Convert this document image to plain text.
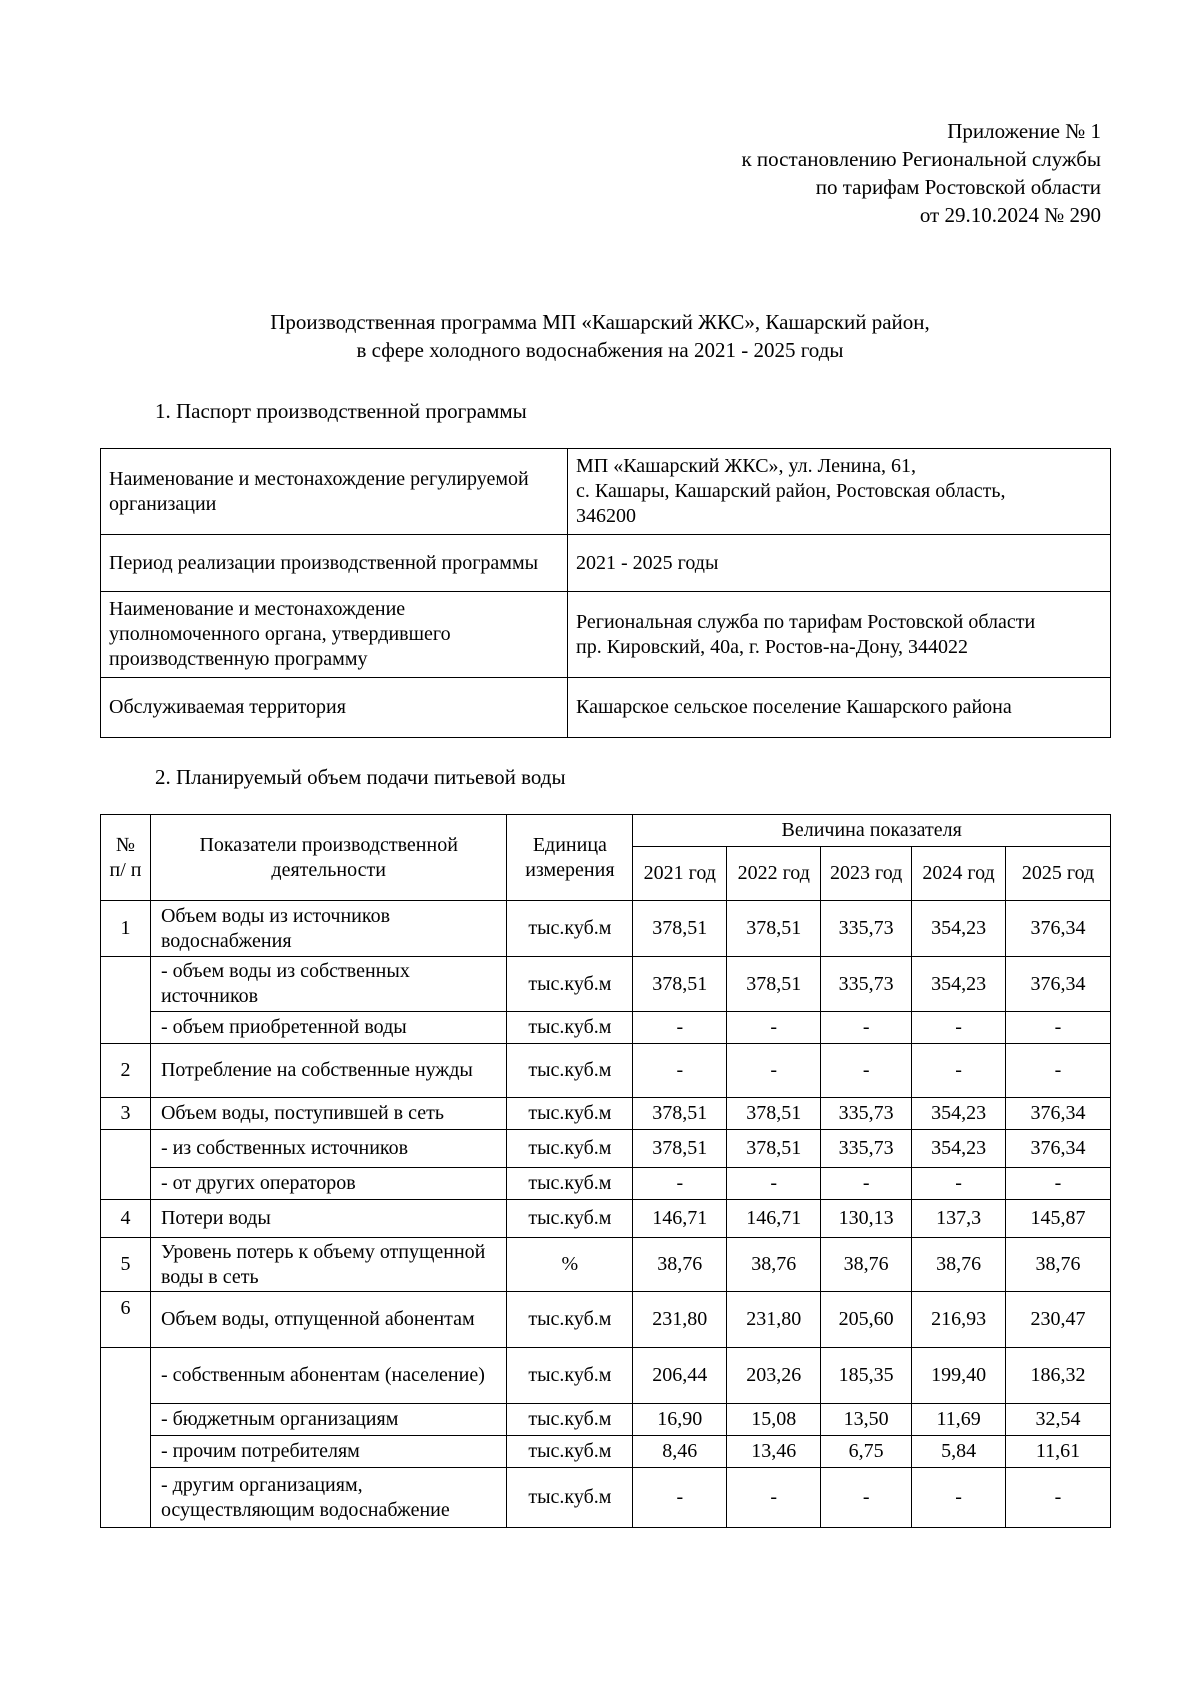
Приложение № 1
к постановлению Региональной службы
по тарифам Ростовской области
от 29.10.2024 № 290
Производственная программа МП «Кашарский ЖКС», Кашарский район,
в сфере холодного водоснабжения на 2021 - 2025 годы
1. Паспорт производственной программы
Наименование и местонахождение регулируемой организации	МП «Кашарский ЖКС», ул. Ленина, 61,
с. Кашары, Кашарский район, Ростовская область,
346200

Период реализации производственной программы	2021 - 2025 годы

Наименование и местонахождение уполномоченного органа, утвердившего производственную программу	Региональная служба по тарифам Ростовской области
пр. Кировский, 40а, г. Ростов-на-Дону, 344022

Обслуживаемая территория	Кашарское сельское поселение Кашарского района
2. Планируемый объем подачи питьевой воды
№ п/ п	Показатели производственной деятельности	Единица измерения	Величина показателя				
			2021 год	2022 год	2023 год	2024 год	2025 год
1	Объем воды из источников водоснабжения	тыс.куб.м	378,51	378,51	335,73	354,23	376,34
	- объем воды из собственных источников	тыс.куб.м	378,51	378,51	335,73	354,23	376,34
	- объем приобретенной воды	тыс.куб.м	-	-	-	-	-
2	Потребление на собственные нужды	тыс.куб.м	-	-	-	-	-
3	Объем воды, поступившей в сеть	тыс.куб.м	378,51	378,51	335,73	354,23	376,34
	- из собственных источников	тыс.куб.м	378,51	378,51	335,73	354,23	376,34
	- от других операторов	тыс.куб.м	-	-	-	-	-
4	Потери воды	тыс.куб.м	146,71	146,71	130,13	137,3	145,87
5	Уровень потерь к объему отпущенной воды в сеть	%	38,76	38,76	38,76	38,76	38,76
6	Объем воды, отпущенной абонентам	тыс.куб.м	231,80	231,80	205,60	216,93	230,47
	- собственным абонентам (население)	тыс.куб.м	206,44	203,26	185,35	199,40	186,32
	- бюджетным организациям	тыс.куб.м	16,90	15,08	13,50	11,69	32,54
	- прочим потребителям	тыс.куб.м	8,46	13,46	6,75	5,84	11,61
	- другим организациям, осуществляющим водоснабжение	тыс.куб.м	-	-	-	-	-
